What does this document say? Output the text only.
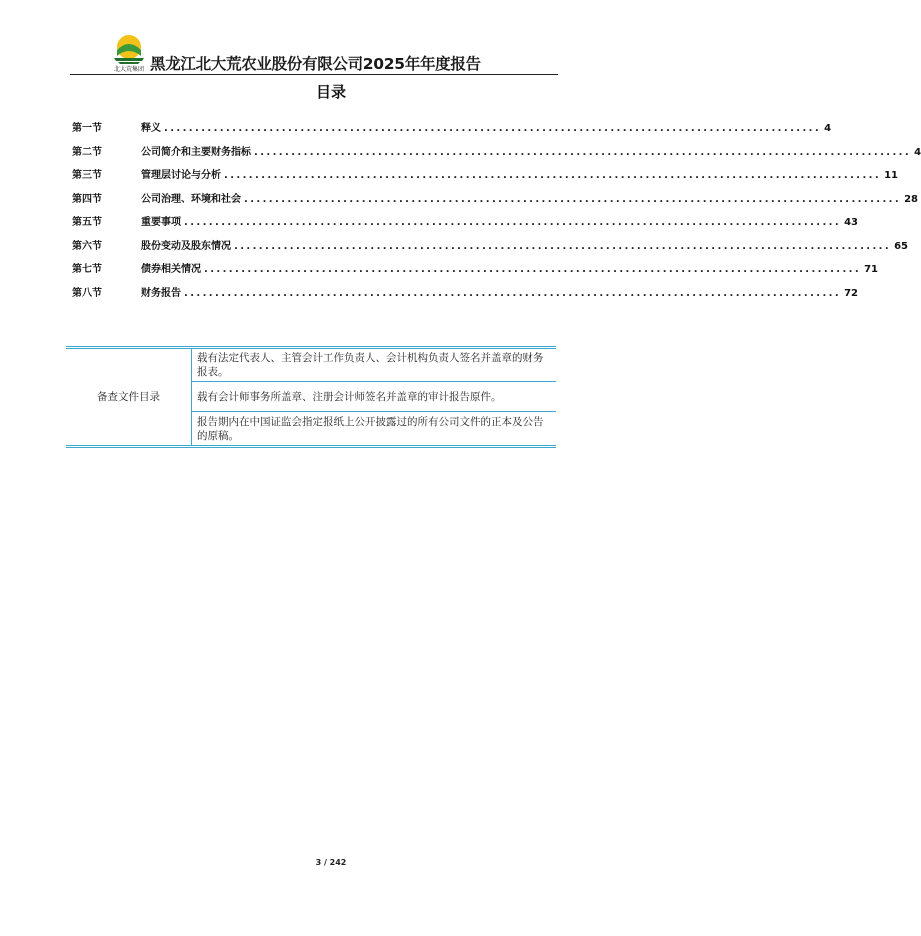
北大荒集团 黑龙江北大荒农业股份有限公司2025年年度报告
目录
第一节	释义 .......................................................................................................... 4
第二节	公司简介和主要财务指标 .......................................................................................................... 4
第三节	管理层讨论与分析 .......................................................................................................... 11
第四节	公司治理、环境和社会 .......................................................................................................... 28
第五节	重要事项 .......................................................................................................... 43
第六节	股份变动及股东情况 .......................................................................................................... 65
第七节	债券相关情况 .......................................................................................................... 71
第八节	财务报告 .......................................................................................................... 72
备查文件目录
载有法定代表人、主管会计工作负责人、会计机构负责人签名并盖章的财务报表。
载有会计师事务所盖章、注册会计师签名并盖章的审计报告原件。
报告期内在中国证监会指定报纸上公开披露过的所有公司文件的正本及公告的原稿。
3 / 242
